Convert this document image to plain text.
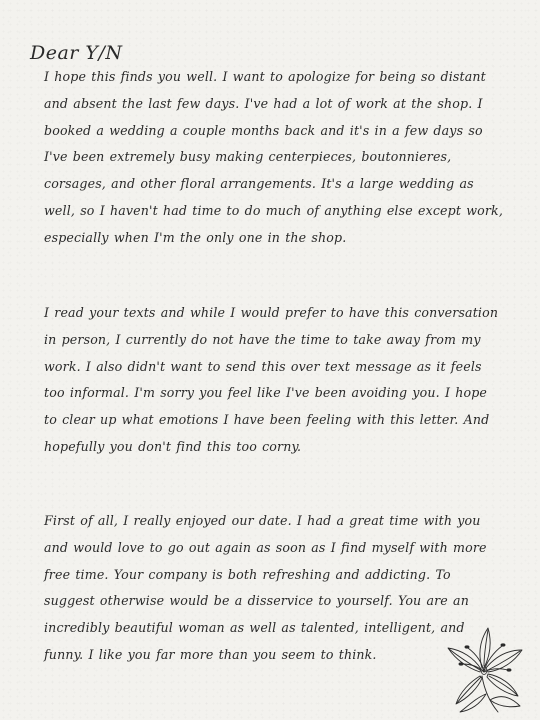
Dear Y/N

I hope this finds you well. I want to apologize for being so distant and absent the last few days. I've had a lot of work at the shop. I booked a wedding a couple months back and it's in a few days so I've been extremely busy making centerpieces, boutonnieres, corsages, and other floral arrangements. It's a large wedding as well, so I haven't had time to do much of anything else except work, especially when I'm the only one in the shop.

I read your texts and while I would prefer to have this conversation in person, I currently do not have the time to take away from my work. I also didn't want to send this over text message as it feels too informal. I'm sorry you feel like I've been avoiding you. I hope to clear up what emotions I have been feeling with this letter. And hopefully you don't find this too corny.

First of all, I really enjoyed our date. I had a great time with you and would love to go out again as soon as I find myself with more free time. Your company is both refreshing and addicting. To suggest otherwise would be a disservice to yourself. You are an incredibly beautiful woman as well as talented, intelligent, and funny. I like you far more than you seem to think.
